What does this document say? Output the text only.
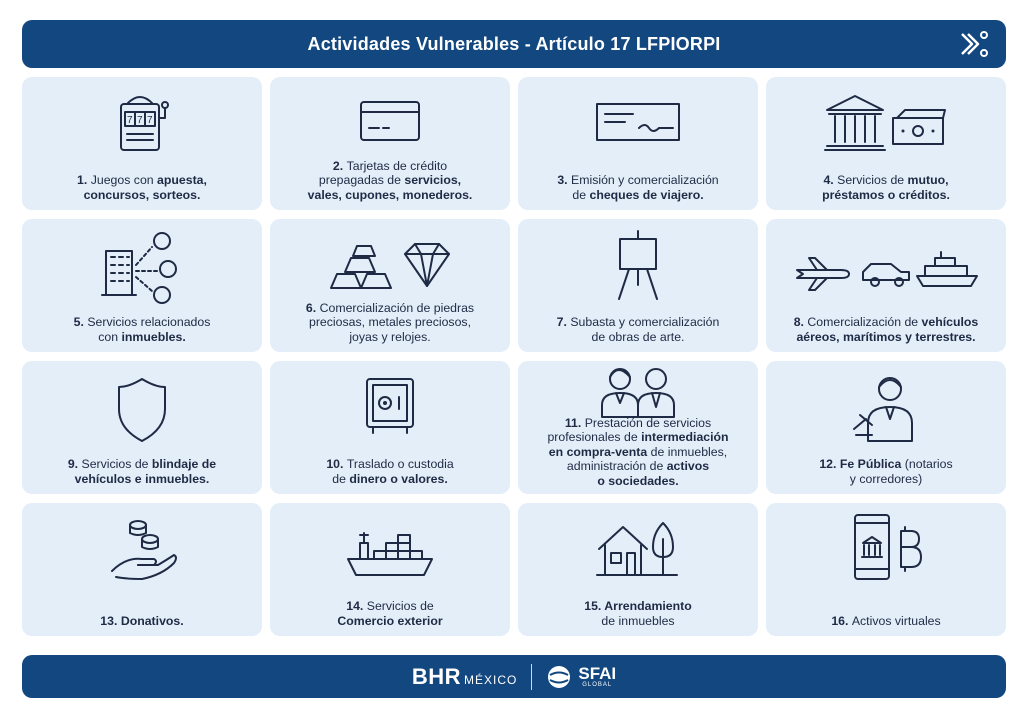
Actividades Vulnerables - Artículo 17 LFPIORPI
7 7 7
1. Juegos con apuesta,
concursos, sorteos.
2. Tarjetas de crédito
prepagadas de servicios,
vales, cupones, monederos.
3. Emisión y comercialización
de cheques de viajero.
4. Servicios de mutuo,
préstamos o créditos.
5. Servicios relacionados
con inmuebles.
6. Comercialización de piedras
preciosas, metales preciosos,
joyas y relojes.
7. Subasta y comercialización
de obras de arte.
8. Comercialización de vehículos
aéreos, marítimos y terrestres.
9. Servicios de blindaje de
vehículos e inmuebles.
10. Traslado o custodia
de dinero o valores.
11. Prestación de servicios
profesionales de intermediación
en compra-venta de inmuebles,
administración de activos
o sociedades.
12. Fe Pública (notarios
y corredores)
13. Donativos.
14. Servicios de
Comercio exterior
15. Arrendamiento
de inmuebles	16. Activos virtuales
BHR MÉXICO	SFAI
GLOBAL
